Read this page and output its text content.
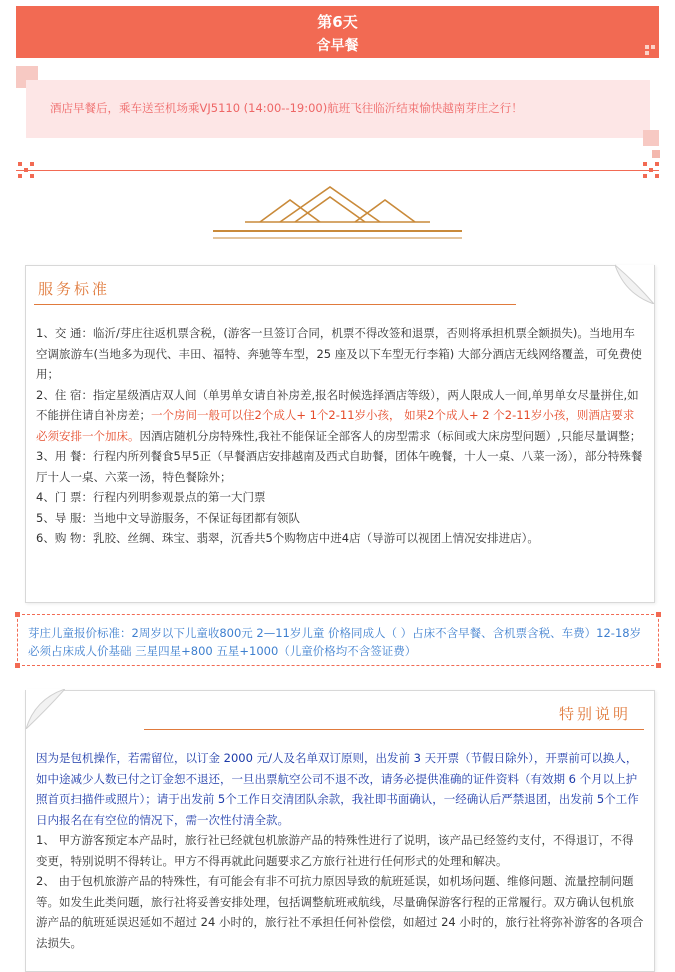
第6天
含早餐
酒店早餐后，乘车送至机场乘VJ5110 (14:00--19:00)航班飞往临沂结束愉快越南芽庄之行！
服务标准

1、交 通：临沂/芽庄往返机票含税，(游客一旦签订合同，机票不得改签和退票，否则将承担机票全额损失)。当地用车空调旅游车(当地多为现代、丰田、福特、奔驰等车型，25 座及以下车型无行李箱) 大部分酒店无线网络覆盖，可免费使用；

2、住 宿：指定星级酒店双人间（单男单女请自补房差,报名时候选择酒店等级），两人限成人一间,单男单女尽量拼住,如不能拼住请自补房差；一个房间一般可以住2个成人+ 1个2-11岁小孩， 如果2个成人+ 2 个2-11岁小孩，则酒店要求必须安排一个加床。因酒店随机分房特殊性,我社不能保证全部客人的房型需求（标间或大床房型问题）,只能尽量调整；

3、用 餐：行程内所列餐食5早5正（早餐酒店安排越南及西式自助餐，团体午晚餐，十人一桌、八菜一汤），部分特殊餐厅十人一桌、六菜一汤，特色餐除外；

4、门 票：行程内列明参观景点的第一大门票

5、导 服：当地中文导游服务，不保证每团都有领队

6、购 物：乳胶、丝绸、珠宝、翡翠，沉香共5个购物店中进4店（导游可以视团上情况安排进店）。

芽庄儿童报价标准：2周岁以下儿童收800元 2—11岁儿童 价格同成人（ ）占床不含早餐、含机票含税、车费）12-18岁必须占床成人价基础 三星四星+800 五星+1000（儿童价格均不含签证费）
特别说明

因为是包机操作，若需留位，以订金 2000 元/人及名单双订原则，出发前 3 天开票（节假日除外），开票前可以换人，如中途减少人数已付之订金恕不退还，一旦出票航空公司不退不改，请务必提供准确的证件资料（有效期 6 个月以上护照首页扫描件或照片）；请于出发前 5个工作日交清团队余款，我社即书面确认，一经确认后严禁退团，出发前 5个工作日内报名在有空位的情况下，需一次性付清全款。

1、 甲方游客预定本产品时，旅行社已经就包机旅游产品的特殊性进行了说明，该产品已经签约支付，不得退订，不得变更，特别说明不得转让。甲方不得再就此问题要求乙方旅行社进行任何形式的处理和解决。

2、 由于包机旅游产品的特殊性，有可能会有非不可抗力原因导致的航班延误，如机场问题、维修问题、流量控制问题等。如发生此类问题，旅行社将妥善安排处理，包括调整航班戒航线，尽量确保游客行程的正常履行。双方确认包机旅游产品的航班延误迟延如不超过 24 小时的，旅行社不承担任何补偿偿，如超过 24 小时的，旅行社将弥补游客的各项合法损失。
